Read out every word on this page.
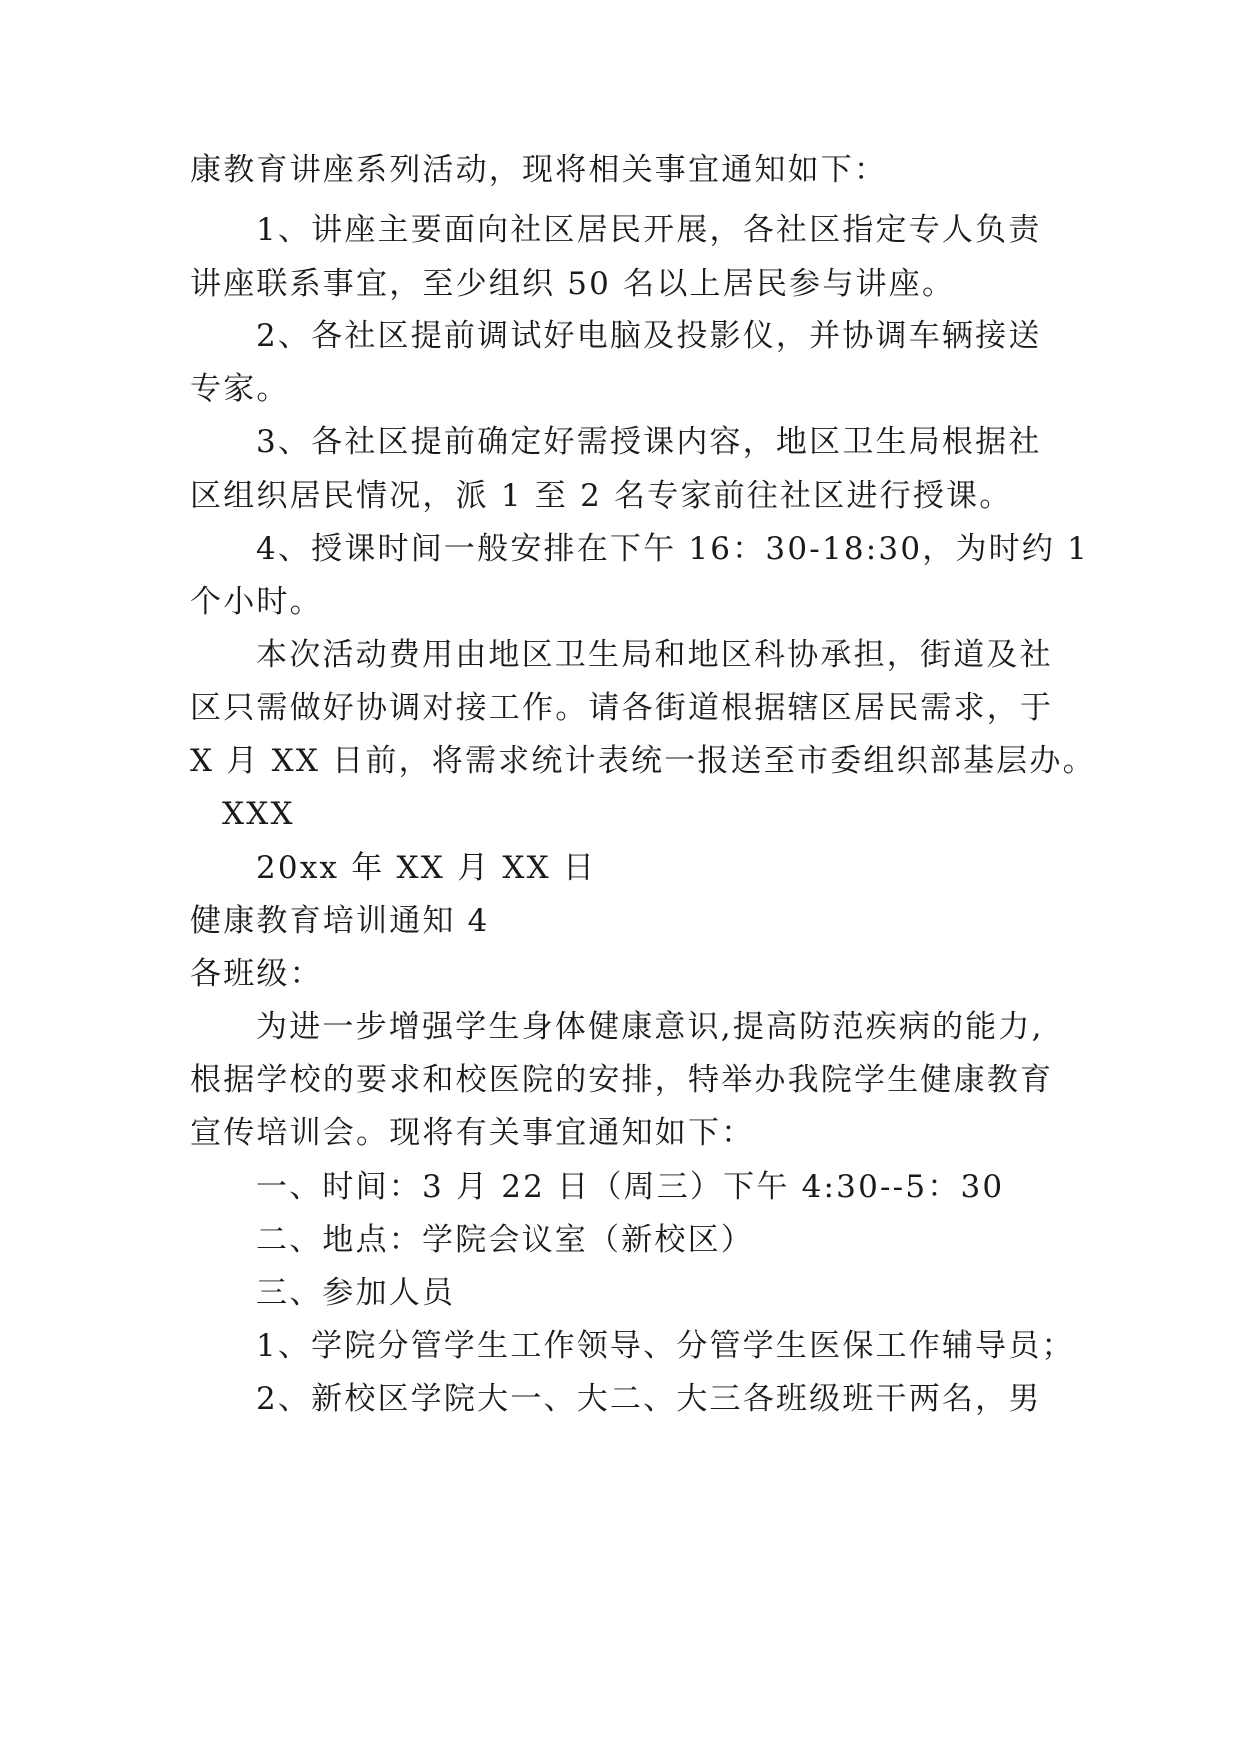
康教育讲座系列活动，现将相关事宜通知如下：
1、讲座主要面向社区居民开展，各社区指定专人负责
讲座联系事宜，至少组织 50 名以上居民参与讲座。
2、各社区提前调试好电脑及投影仪，并协调车辆接送
专家。
3、各社区提前确定好需授课内容，地区卫生局根据社
区组织居民情况，派 1 至 2 名专家前往社区进行授课。
4、授课时间一般安排在下午 16：30-18:30，为时约 1
个小时。
本次活动费用由地区卫生局和地区科协承担，街道及社
区只需做好协调对接工作。请各街道根据辖区居民需求，于
X 月 XX 日前，将需求统计表统一报送至市委组织部基层办。
XXX
20xx 年 XX 月 XX 日
健康教育培训通知 4
各班级：
为进一步增强学生身体健康意识,提高防范疾病的能力,
根据学校的要求和校医院的安排，特举办我院学生健康教育
宣传培训会。现将有关事宜通知如下：
一、时间：3 月 22 日（周三）下午 4:30--5：30
二、地点：学院会议室（新校区）
三、参加人员
1、学院分管学生工作领导、分管学生医保工作辅导员；
2、新校区学院大一、大二、大三各班级班干两名，男
